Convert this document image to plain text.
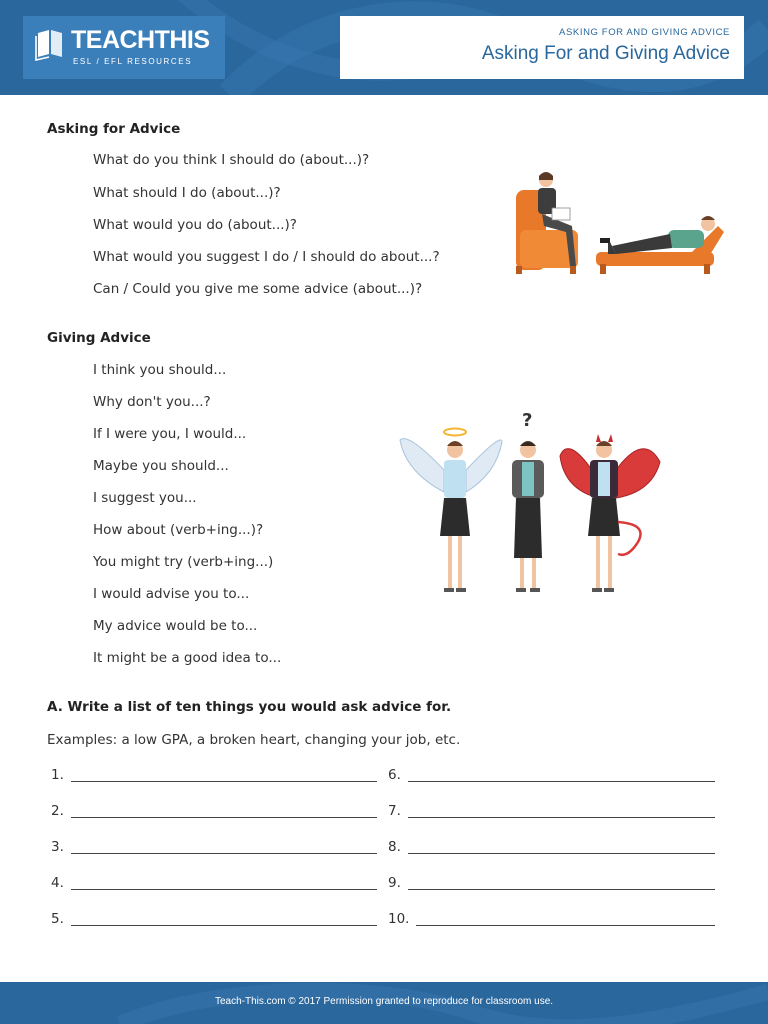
TEACHTHIS
ESL / EFL RESOURCES
ASKING FOR AND GIVING ADVICE
Asking For and Giving Advice
Asking for Advice
What do you think I should do (about...)?
What should I do (about...)?
What would you do (about...)?
What would you suggest I do / I should do about...?
Can / Could you give me some advice (about...)?
Giving Advice
I think you should...
Why don't you...?
If I were you, I would...
Maybe you should...
I suggest you...
How about (verb+ing...)?
You might try (verb+ing...)
I would advise you to...
My advice would be to...
It might be a good idea to...
?
A. Write a list of ten things you would ask advice for.
Examples: a low GPA, a broken heart, changing your job, etc.
1.
2.
3.
4.
5.
6.
7.
8.
9.
10.
Teach-This.com © 2017 Permission granted to reproduce for classroom use.
